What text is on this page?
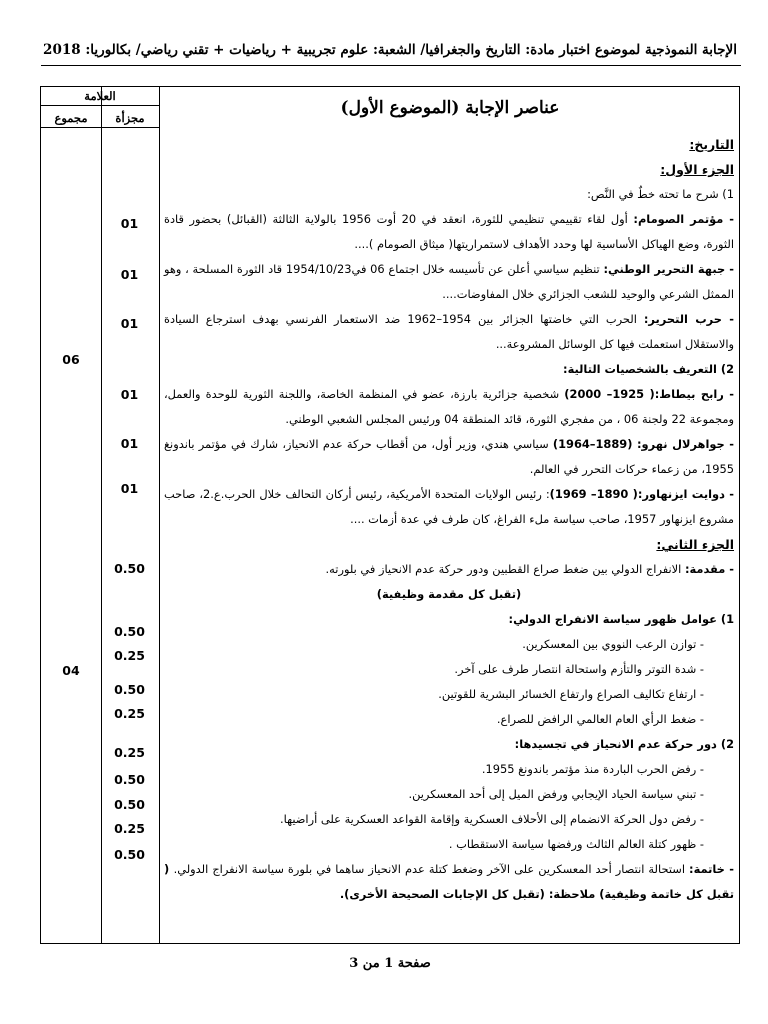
الإجابة النموذجية لموضوع اختبار مادة: التاريخ والجغرافيا/ الشعبة: علوم تجريبية + رياضيات + تقني رياضي/ بكالوريا: 2018
العلامة
مجزأة
مجموع	عناصر الإجابة (الموضوع الأول)
06
04
01
01
01
01
01
01
0.50
0.50
0.25
0.50
0.25
0.25
0.50
0.50
0.25
0.50

التاريخ:

الجزء الأول:

1) شرح ما تحته خطٌ في النَّص:

- مؤتمر الصومام: أول لقاء تقييمي تنظيمي للثورة، انعقد في 20 أوت 1956 بالولاية الثالثة (القبائل) بحضور قادة الثورة، وضع الهياكل الأساسية لها وحدد الأهداف لاستمراريتها( ميثاق الصومام )....

- جبهة التحرير الوطني: تنظيم سياسي أعلن عن تأسيسه خلال اجتماع 06 في1954/10/23 قاد الثورة المسلحة ، وهو الممثل الشرعي والوحيد للشعب الجزائري خلال المفاوضات....

- حرب التحرير: الحرب التي خاضتها الجزائر بين 1954–1962 ضد الاستعمار الفرنسي بهدف استرجاع السيادة والاستقلال استعملت فيها كل الوسائل المشروعة...

2) التعريف بالشخصيات التالية:

- رابح بيطاط:( 1925– 2000) شخصية جزائرية بارزة، عضو في المنظمة الخاصة، واللجنة الثورية للوحدة والعمل، ومجموعة 22 ولجنة 06 ، من مفجري الثورة، قائد المنطقة 04 ورئيس المجلس الشعبي الوطني.

- جواهرلال نهرو: (1889–1964) سياسي هندي، وزير أول، من أقطاب حركة عدم الانحياز، شارك في مؤتمر باندونغ 1955، من زعماء حركات التحرر في العالم.

- دوايت ايزنهاور:( 1890– 1969): رئيس الولايات المتحدة الأمريكية، رئيس أركان التحالف خلال الحرب.ع.2، صاحب مشروع ايزنهاور 1957، صاحب سياسة ملء الفراغ، كان طرف في عدة أزمات ....

الجزء الثاني:

- مقدمة: الانفراج الدولي بين ضغط صراع القطبين ودور حركة عدم الانحياز في بلورته.

(تقبل كل مقدمة وظيفية)

1) عوامل ظهور سياسة الانفراج الدولي:

- توازن الرعب النووي بين المعسكرين.

- شدة التوتر والتأزم واستحالة انتصار طرف على آخر.

- ارتفاع تكاليف الصراع وارتفاع الخسائر البشرية للقوتين.

- ضغط الرأي العام العالمي الرافض للصراع.

2) دور حركة عدم الانحياز في تجسيدها:

- رفض الحرب الباردة منذ مؤتمر باندونغ 1955.

- تبني سياسة الحياد الإيجابي ورفض الميل إلى أحد المعسكرين.

- رفض دول الحركة الانضمام إلى الأحلاف العسكرية وإقامة القواعد العسكرية على أراضيها.

- ظهور كتلة العالم الثالث ورفضها سياسة الاستقطاب .

- خاتمة: استحالة انتصار أحد المعسكرين على الآخر وضغط كتلة عدم الانحياز ساهما في بلورة سياسة الانفراج الدولي. ( تقبل كل خاتمة وظيفية) ملاحظة: (تقبل كل الإجابات الصحيحة الأخرى).

صفحة 1 من 3
